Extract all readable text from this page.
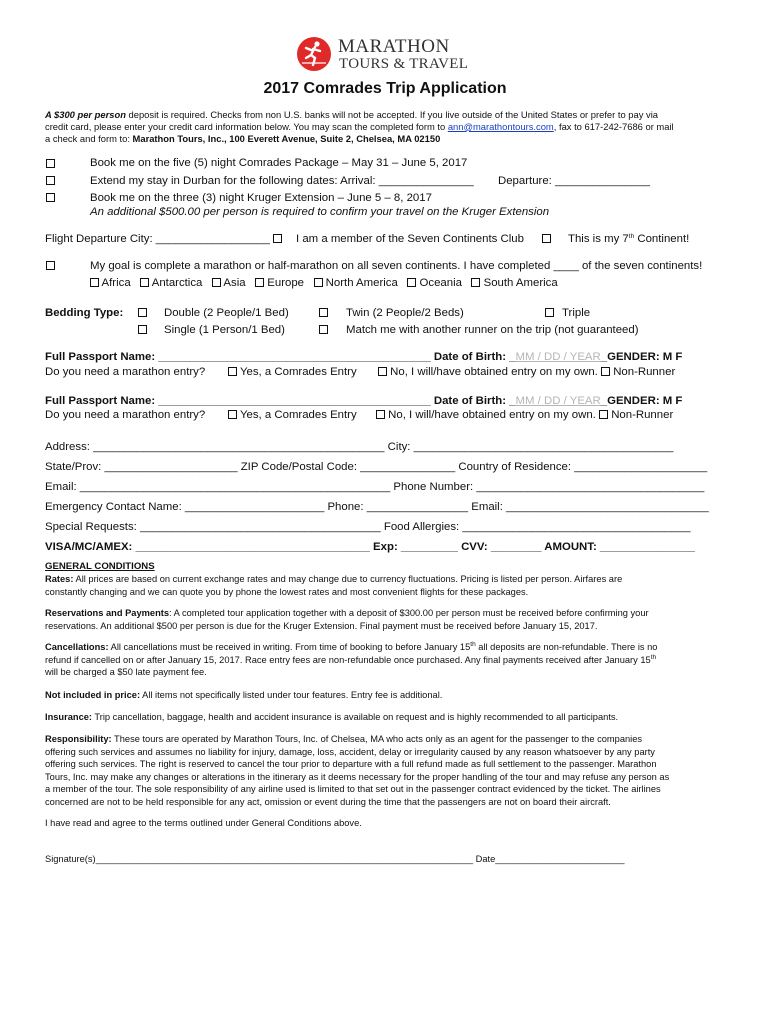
MARATHON
TOURS & TRAVEL
2017 Comrades Trip Application
A $300 per person deposit is required. Checks from non U.S. banks will not be accepted. If you live outside of the United States or prefer to pay via
credit card, please enter your credit card information below. You may scan the completed form to ann@marathontours.com, fax to 617-242-7686 or mail
a check and form to: Marathon Tours, Inc., 100 Everett Avenue, Suite 2, Chelsea, MA 02150
Book me on the five (5) night Comrades Package – May 31 – June 5, 2017
Extend my stay in Durban for the following dates: Arrival: _______________ Departure: _______________
Book me on the three (3) night Kruger Extension – June 5 – 8, 2017
An additional $500.00 per person is required to confirm your travel on the Kruger Extension
Flight Departure City: __________________ I am a member of the Seven Continents Club	This is my 7th Continent!
My goal is complete a marathon or half-marathon on all seven continents. I have completed ____ of the seven continents!
Africa Antarctica Asia Europe North America Oceania South America
Bedding Type:	Double (2 People/1 Bed)	Twin (2 People/2 Beds)	Triple
Single (1 Person/1 Bed)	Match me with another runner on the trip (not guaranteed)
Full Passport Name: ___________________________________________ Date of Birth: _MM / DD / YEAR_GENDER: M F
Do you need a marathon entry?	Yes, a Comrades Entry	No, I will/have obtained entry on my own. Non-Runner
Full Passport Name: ___________________________________________ Date of Birth: _MM / DD / YEAR_GENDER: M F
Do you need a marathon entry?	Yes, a Comrades Entry	No, I will/have obtained entry on my own. Non-Runner
Address: ______________________________________________ City: _________________________________________
State/Prov: _____________________ ZIP Code/Postal Code: _______________ Country of Residence: _____________________
Email: _________________________________________________ Phone Number: ____________________________________
Emergency Contact Name: ______________________ Phone: ________________ Email: ________________________________
Special Requests: ______________________________________ Food Allergies: ____________________________________
VISA/MC/AMEX: _____________________________________ Exp: _________ CVV: ________ AMOUNT: _______________
GENERAL CONDITIONS
Rates: All prices are based on current exchange rates and may change due to currency fluctuations. Pricing is listed per person. Airfares are
constantly changing and we can quote you by phone the lowest rates and most convenient flights for these packages.
Reservations and Payments: A completed tour application together with a deposit of $300.00 per person must be received before confirming your
reservations. An additional $500 per person is due for the Kruger Extension. Final payment must be received before January 15, 2017.
Cancellations: All cancellations must be received in writing. From time of booking to before January 15th all deposits are non-refundable. There is no
refund if cancelled on or after January 15, 2017. Race entry fees are non-refundable once purchased. Any final payments received after January 15th
will be charged a $50 late payment fee.
Not included in price: All items not specifically listed under tour features. Entry fee is additional.
Insurance: Trip cancellation, baggage, health and accident insurance is available on request and is highly recommended to all participants.
Responsibility: These tours are operated by Marathon Tours, Inc. of Chelsea, MA who acts only as an agent for the passenger to the companies
offering such services and assumes no liability for injury, damage, loss, accident, delay or irregularity caused by any reason whatsoever by any party
offering such services. The right is reserved to cancel the tour prior to departure with a full refund made as full settlement to the passenger. Marathon
Tours, Inc. may make any changes or alterations in the itinerary as it deems necessary for the proper handling of the tour and may refuse any person as
a member of the tour. The sole responsibility of any airline used is limited to that set out in the passenger contract evidenced by the ticket. The airlines
concerned are not to be held responsible for any act, omission or event during the time that the passengers are not on board their aircraft.
I have read and agree to the terms outlined under General Conditions above.
Signature(s)_________________________________________________________________________ Date_________________________
